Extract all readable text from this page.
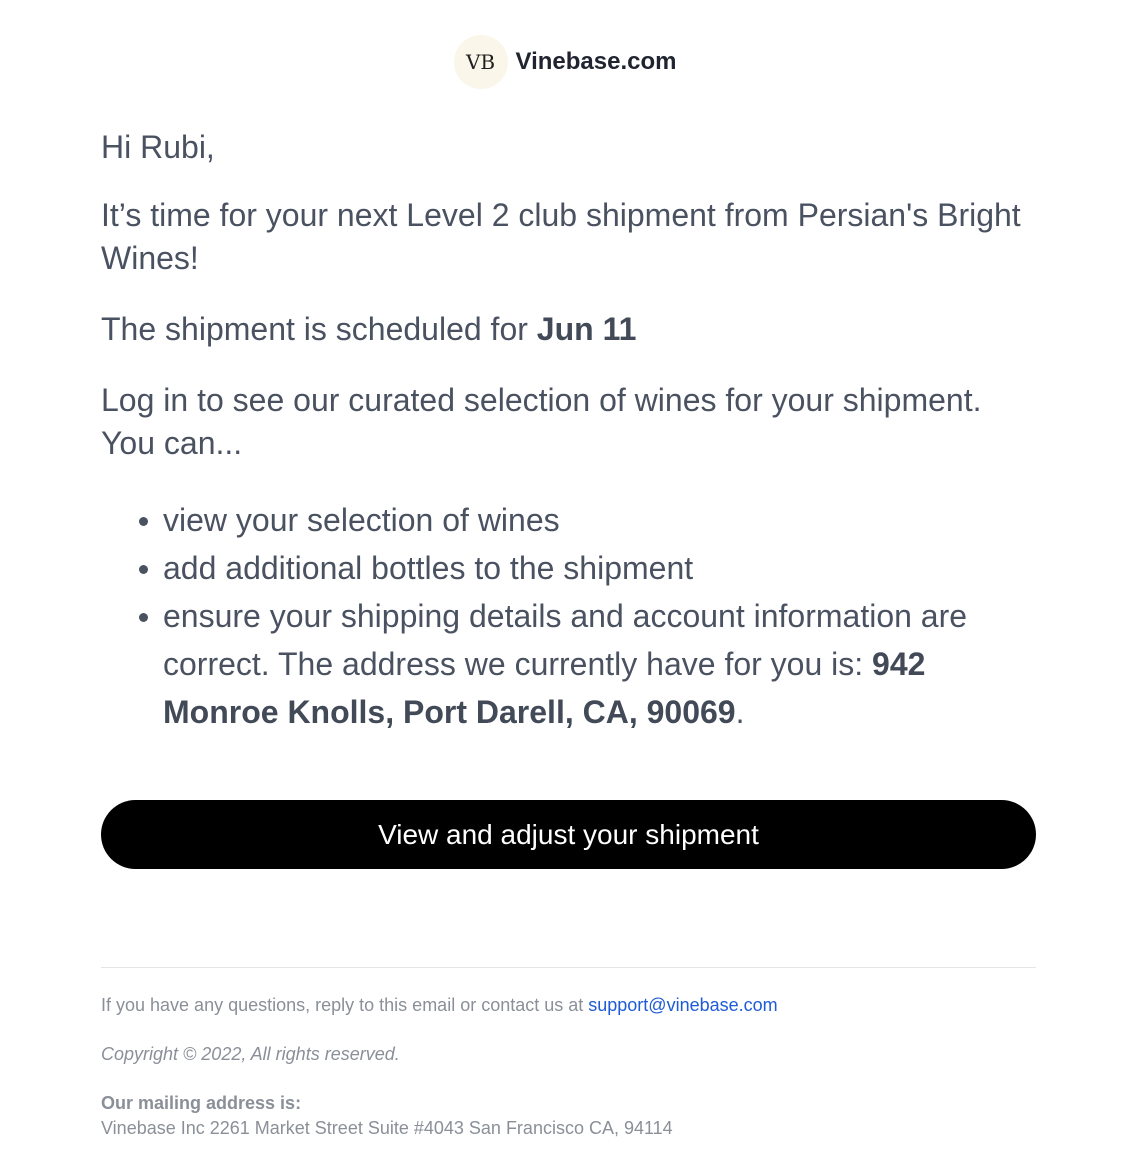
VB Vinebase.com

Hi Rubi,

It’s time for your next Level 2 club shipment from Persian's Bright Wines!

The shipment is scheduled for Jun 11

Log in to see our curated selection of wines for your shipment. You can...

view your selection of wines
add additional bottles to the shipment
ensure your shipping details and account information are correct. The address we currently have for you is: 942 Monroe Knolls, Port Darell, CA, 90069.
View and adjust your shipment
If you have any questions, reply to this email or contact us at support@vinebase.com
Copyright © 2022, All rights reserved.
Our mailing address is:
Vinebase Inc 2261 Market Street Suite #4043 San Francisco CA, 94114
